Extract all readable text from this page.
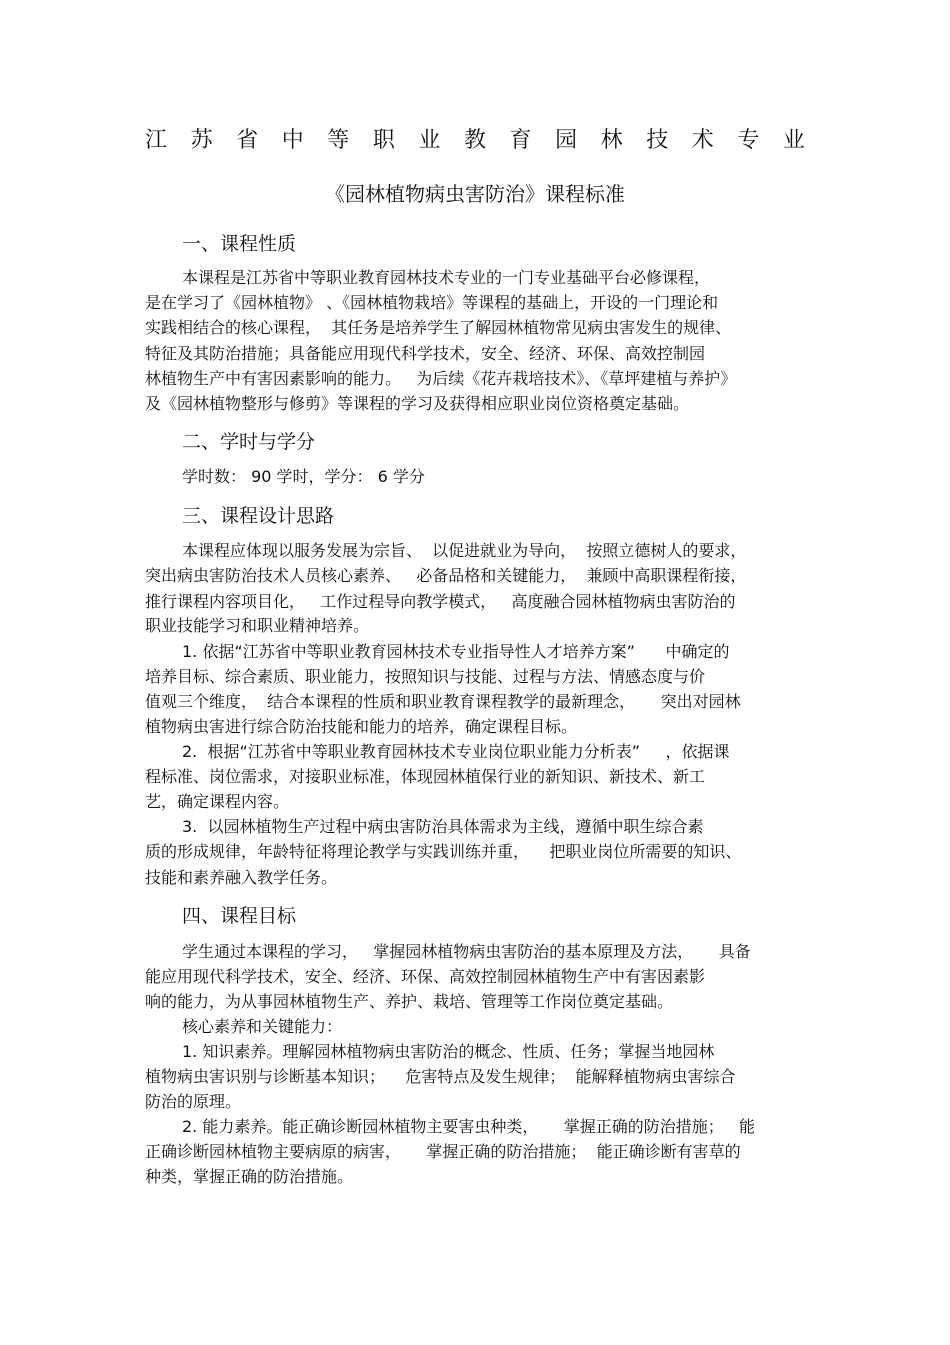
江 苏 省 中 等 职 业 教 育 园 林 技 术 专 业
《园林植物病虫害防治》课程标准
一、课程性质
本课程是江苏省中等职业教育园林技术专业的一门专业基础平台必修课程，
是在学习了《园林植物》 、《园林植物栽培》等课程的基础上，开设的一门理论和
实践相结合的核心课程，  其任务是培养学生了解园林植物常见病虫害发生的规律、
特征及其防治措施；具备能应用现代科学技术，安全、经济、环保、高效控制园
林植物生产中有害因素影响的能力。   为后续《花卉栽培技术》、《草坪建植与养护》
及《园林植物整形与修剪》等课程的学习及获得相应职业岗位资格奠定基础。
二、学时与学分
学时数： 90 学时，学分： 6 学分
三、课程设计思路
本课程应体现以服务发展为宗旨、  以促进就业为导向，  按照立德树人的要求，
突出病虫害防治技术人员核心素养、   必备品格和关键能力，  兼顾中高职课程衔接，
推行课程内容项目化，   工作过程导向教学模式，   高度融合园林植物病虫害防治的
职业技能学习和职业精神培养。
1. 依据“江苏省中等职业教育园林技术专业指导性人才培养方案”      中确定的
培养目标、综合素质、职业能力，按照知识与技能、过程与方法、情感态度与价
值观三个维度，  结合本课程的性质和职业教育课程教学的最新理念，     突出对园林
植物病虫害进行综合防治技能和能力的培养，确定课程目标。
2.  根据“江苏省中等职业教育园林技术专业岗位职业能力分析表”     ，依据课
程标准、岗位需求，对接职业标准，体现园林植保行业的新知识、新技术、新工
艺，确定课程内容。
3.  以园林植物生产过程中病虫害防治具体需求为主线，遵循中职生综合素
质的形成规律，年龄特征将理论教学与实践训练并重，    把职业岗位所需要的知识、
技能和素养融入教学任务。
四、课程目标
学生通过本课程的学习，   掌握园林植物病虫害防治的基本原理及方法，     具备
能应用现代科学技术，安全、经济、环保、高效控制园林植物生产中有害因素影
响的能力，为从事园林植物生产、养护、栽培、管理等工作岗位奠定基础。
核心素养和关键能力：
1. 知识素养。理解园林植物病虫害防治的概念、性质、任务；掌握当地园林
植物病虫害识别与诊断基本知识；    危害特点及发生规律；  能解释植物病虫害综合
防治的原理。
2. 能力素养。能正确诊断园林植物主要害虫种类，     掌握正确的防治措施；   能
正确诊断园林植物主要病原的病害，     掌握正确的防治措施；  能正确诊断有害草的
种类，掌握正确的防治措施。
